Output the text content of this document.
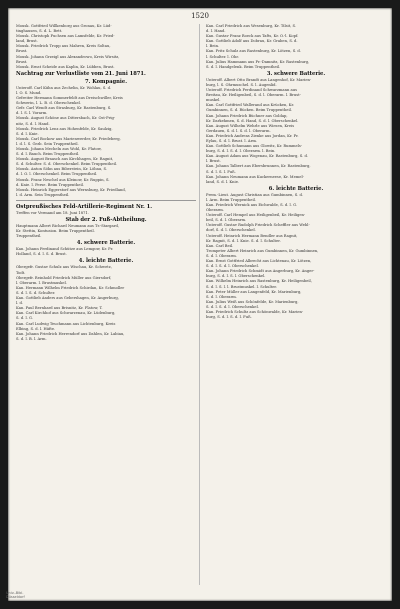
1520
Mousk. Gottfried Willkenborg aus Gronau, Kr. Lüd-
tinghausen, S. d. L. Bett.
Mousk. Christoph Fuchsen aus Lamsfelde, Kr. Fried-
land, Brust.
Mousk. Friedrich Tropp aus Mahren, Kreis Soltau,
Brust.
Mousk. Johann Grzeigl aus Alexandrowo, Kreis Wirsitz,
Brust.
Mousk. Ernst Scheide aus Kaplin, Kr. Lübben, Brust.
Nachtrag zur Verlustliste vom 21. Juni 1871.
7. Kompagnie.
Unteroff. Carl Kühn aus Zechelin, Kr. Wohlau, S. d.
l. O. S. Mund.
Gefreiter Hermann Sommerfeldt aus Dreischwiller, Kreis
Schwerin, l. L. B. d. Oberschenkel.
Gefr. Carl Wendt aus Strasburg, Kr. Rastenburg, S.
d. l. S. l. Vorarm.
Mousk. August Schöne aus Dittersbach, Kr. Ost-Prig-
nitz, S. d. l. Hand.
Mousk. Friedrich Lenz aus Hohenfelde, Kr. Saulzig,
S. d. l. Knie.
Mousk. Carl Bockow aus Marienwerder, Kr. Friedeberg,
l. d. l. S. Grzb. Sein Truppentheil.
Mousk. Johann Mecheln aus Wohl, Kr. Flatow,
S. d. l. Bauch. Beim Truppentheil.
Mousk. August Braasch aus Kirchhagen, Kr. Ragnit,
S. d. Schulter. S. d. Oberschenkel. Beim Truppentheil.
Mousk. Anton Söhn aus Biberstein, Kr. Löbau, S.
d. l. O. l. Oberschenkel. Beim Truppentheil.
Mousk. Franz Neschel aus Kleinow, Kr. Ruppin, S.
d. Knie. l. Ferse. Beim Truppentheil.
Mousk. Heinrich Eggerstorf aus Wernsburg, Kr. Friedland,
l. d. Arm. Sein Truppentheil.
Ostpreußisches Feld-Artillerie-Regiment Nr. 1.
Treffen vor Vermand am 18. Juni 1871.
Stab der 2. Fuß-Abtheilung.
Hauptmann Albert Richard Neumann aus Tr.-Stargard,
Kr. Stettin, Kontusion. Beim Truppentheil.
Truppentheil.
4. schwere Batterie.
Kan. Johann Ferdinand Schütze aus Lemgow, Kr. Pr.
Holland, S. d. l. S. d. Brust.
4. leichte Batterie.
Obergefr. Gustav Schulz aus Wischau, Kr. Schwetz,
Todt.
Obergefr. Reinhold Friedrich Müller aus Giersdorf,
l. Oberarm. l. Brustmuskel.
Kan. Hermann Wilhelm Friedrich Schirdan, Kr. Schmoller
S. d. l. S. d. Schulter.
Kan. Gottlieb Anders aus Gebershagen, Kr. Angerburg,
l. d.
Kan. Paul Bernhard aus Brisnitz, Kr. Flatow, T.
Kan. Carl Kirchhof aus Schwarzenau, Kr. Lüdenburg,
S. d. l. G.
Kan. Carl Ludwig Teuchmann aus Lichtenburg, Kreis
Elbing, S. d. l. Hüfte.
Kan. Johann Friedrich Herrendorf aus Dahlen, Kr. Labiau,
S. d. l. B. l. Arm.
Kan. Carl Friedrich aus Wesenburg, Kr. Tilsit, S.
d. l. Hand.
Kan. Gustav Franz Roeck aus Tafts, Kr. O.-l. Kopf.
Kan. Gottlieb Adolf aus Dobrau, Kr. Graben, S. d.
l. Bein.
Kan. Fritz Schulz aus Rastenburg, Kr. Lötzen, S. d.
l. Schulter. l. Ohr.
Kan. Julius Hammann aus Pr.-Damnitz, Kr. Rastenburg,
S. d. l. Handgelenk. Beim Truppentheil.
3. schwere Batterie.
Unteroff. Albert Otto Brandt aus Langenhof, Kr. Marien-
burg, l. S. Ohrmuschel. S. l. Augenlid.
Unteroff. Friedrich Ferdinand Schwarzmann aus
Breitau, Kr. Heiligenbeil, S. d. l. Oberarm. l. Brust-
muskel.
Kan. Carl Gottfried Wallerand aus Krücken, Kr.
Gumbinnen, S. d. Rücken. Beim Truppentheil.
Kan. Johann Friedrich Büchner aus Goldap,
Kr. Darkehmen, S. d. Hand, S. d. l. Oberschenkel.
Kan. August Wilhelm Wehrle aus Wiesen, Kreis
Gerdauen, S. d. l. S. d. l. Oberarm.
Kan. Friedrich Andreas Zienke aus Jordan, Kr. Pr.
Eylau, S. d. l. Brust. l. Arm.
Kan. Gottlieb Schumann aus Glowitz, Kr. Rummels-
burg, S. d. l. S. d. l. Oberarm. l. Bein.
Kan. August Adam aus Wogenau, Kr. Rastenburg, S. d.
l. Brust.
Kan. Johann Talbert aus Ebersbrunnen, Kr. Rastenburg,
S. d. l. S. l. Fuß.
Kan. Johann Neumann aus Kuckerneese, Kr. Memel-
land, S. d. l. Knie.
6. leichte Batterie.
Prem.-Lieut. August Christian aus Gumbinnen, S. d.
l. Arm. Beim Truppentheil.
Kan. Friedrich Wernick aus Eichwalde, S. d. l. G.
Oberarm.
Unteroff. Carl Hempel aus Heiligenbeil, Kr. Heiligen-
beil, S. d. l. Oberarm.
Unteroff. Gustav Rudolph Friedrich Scheffler aus Wehl-
dorf, S. d. l. Oberschenkel.
Unteroff. Heinrich Hermann Bendler aus Ragnit,
Kr. Ragnit, S. d. l. Knie. S. d. l. Schulter.
Kan. Carl Beil.
Trompeter Albert Heinrich aus Gumbinnen, Kr. Gumbinnen,
S. d. l. Oberarm.
Kan. Ernst Gottfried Albrecht aus Lichtenau, Kr. Lötzen,
S. d. l. S. d. l. Oberschenkel.
Kan. Johann Friedrich Schmidt aus Angerburg, Kr. Anger-
burg, S. d. l. S. l. Oberschenkel.
Kan. Wilhelm Heinrich aus Rastenburg, Kr. Heiligenbeil,
S. d. l. S. l. l. Brustmuskel. l. Schulter.
Kan. Peter Müller aus Langenfeld, Kr. Marienburg,
S. d. l. Oberarm.
Kan. Julius Weiß aus Schönfelde, Kr. Marienburg,
S. d. l. S. d. l. Oberschenkel.
Kan. Friedrich Schultz aus Schönwalde, Kr. Marien-
burg, S. d. l. S. d. l. Fuß.
Univ.-Bibl.
Düsseldorf
